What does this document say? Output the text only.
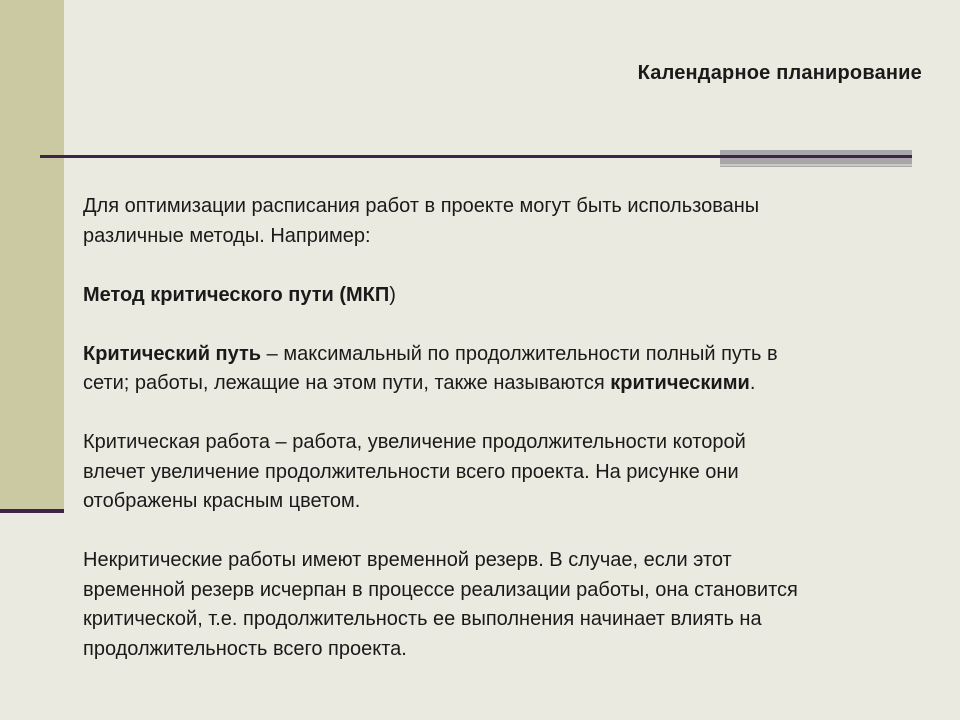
Календарное планирование

Для оптимизации расписания работ в проекте могут быть использованы

различные методы. Например:

Метод критического пути (МКП)

Критический путь – максимальный по продолжительности полный путь в

сети; работы, лежащие на этом пути, также называются критическими.

Критическая работа – работа, увеличение продолжительности которой

влечет увеличение продолжительности всего проекта. На рисунке они

отображены красным цветом.

Некритические работы имеют временной резерв. В случае, если этот

временной резерв исчерпан в процессе реализации работы, она становится

критической, т.е. продолжительность ее выполнения начинает влиять на

продолжительность всего проекта.
